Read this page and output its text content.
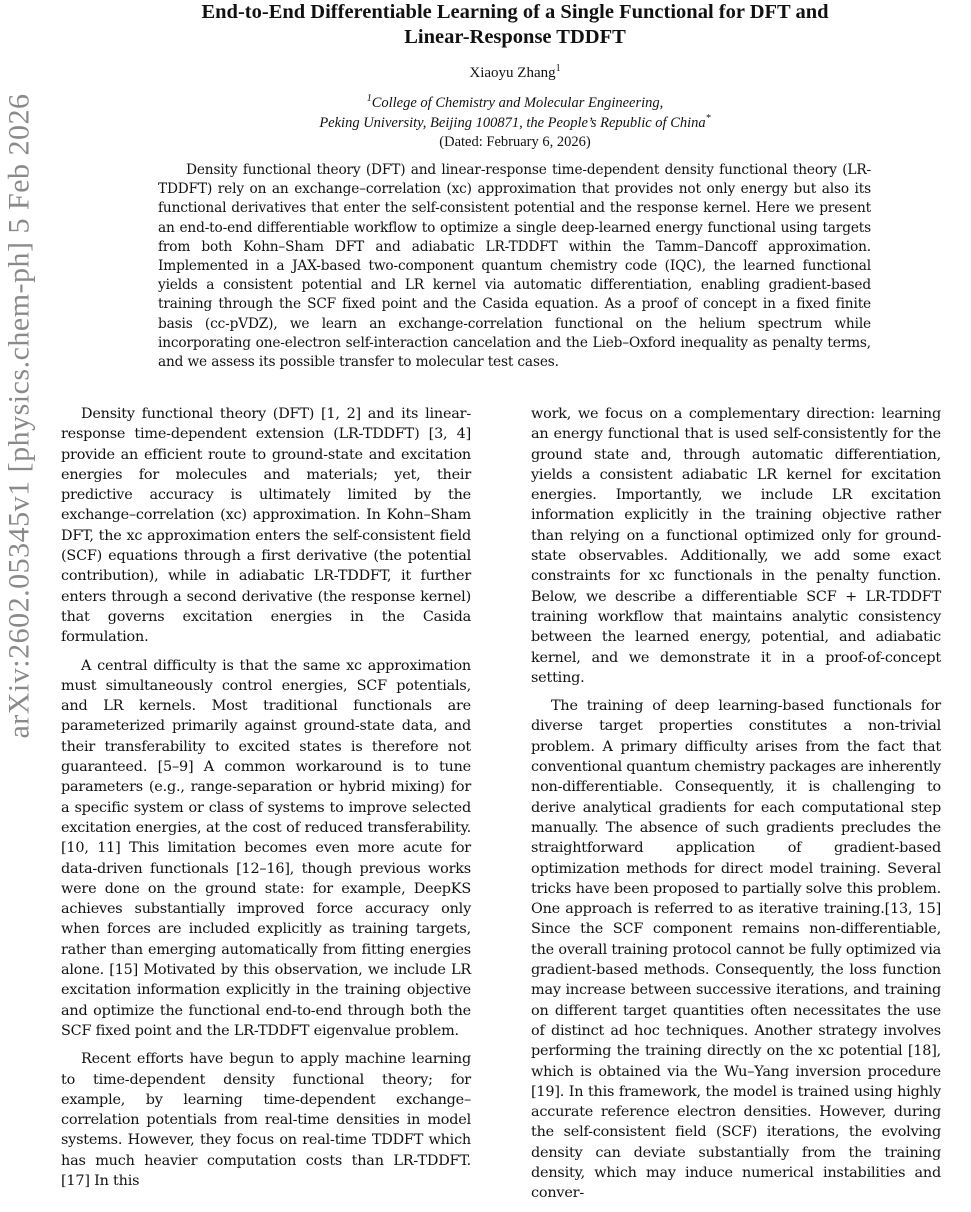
arXiv:2602.05345v1 [physics.chem-ph] 5 Feb 2026
End-to-End Differentiable Learning of a Single Functional for DFT and
Linear-Response TDDFT
Xiaoyu Zhang$^1$
$^1$College of Chemistry and Molecular Engineering,
Peking University, Beijing 100871, the People’s Republic of China*
(Dated: February 6, 2026)

Density functional theory (DFT) and linear-response time-dependent density functional theory (LR-TDDFT) rely on an exchange–correlation (xc) approximation that provides not only energy but also its functional derivatives that enter the self-consistent potential and the response kernel. Here we present an end-to-end differentiable workflow to optimize a single deep-learned energy functional using targets from both Kohn–Sham DFT and adiabatic LR-TDDFT within the Tamm–Dancoff approximation. Implemented in a JAX-based two-component quantum chemistry code (IQC), the learned functional yields a consistent potential and LR kernel via automatic differentiation, enabling gradient-based training through the SCF fixed point and the Casida equation. As a proof of concept in a fixed finite basis (cc-pVDZ), we learn an exchange-correlation functional on the helium spectrum while incorporating one-electron self-interaction cancelation and the Lieb–Oxford inequality as penalty terms, and we assess its possible transfer to molecular test cases.

Density functional theory (DFT) [1, 2] and its linear-response time-dependent extension (LR-TDDFT) [3, 4] provide an efficient route to ground-state and excitation energies for molecules and materials; yet, their predictive accuracy is ultimately limited by the exchange–correlation (xc) approximation. In Kohn–Sham DFT, the xc approximation enters the self-consistent field (SCF) equations through a first derivative (the potential contribution), while in adiabatic LR-TDDFT, it further enters through a second derivative (the response kernel) that governs excitation energies in the Casida formulation.

A central difficulty is that the same xc approximation must simultaneously control energies, SCF potentials, and LR kernels. Most traditional functionals are parameterized primarily against ground-state data, and their transferability to excited states is therefore not guaranteed. [5–9] A common workaround is to tune parameters (e.g., range-separation or hybrid mixing) for a specific system or class of systems to improve selected excitation energies, at the cost of reduced transferability. [10, 11] This limitation becomes even more acute for data-driven functionals [12–16], though previous works were done on the ground state: for example, DeepKS achieves substantially improved force accuracy only when forces are included explicitly as training targets, rather than emerging automatically from fitting energies alone. [15] Motivated by this observation, we include LR excitation information explicitly in the training objective and optimize the functional end-to-end through both the SCF fixed point and the LR-TDDFT eigenvalue problem.

Recent efforts have begun to apply machine learning to time-dependent density functional theory; for example, by learning time-dependent exchange–correlation potentials from real-time densities in model systems. However, they focus on real-time TDDFT which has much heavier computation costs than LR-TDDFT. [17] In this

work, we focus on a complementary direction: learning an energy functional that is used self-consistently for the ground state and, through automatic differentiation, yields a consistent adiabatic LR kernel for excitation energies. Importantly, we include LR excitation information explicitly in the training objective rather than relying on a functional optimized only for ground-state observables. Additionally, we add some exact constraints for xc functionals in the penalty function. Below, we describe a differentiable SCF + LR-TDDFT training workflow that maintains analytic consistency between the learned energy, potential, and adiabatic kernel, and we demonstrate it in a proof-of-concept setting.

The training of deep learning-based functionals for diverse target properties constitutes a non-trivial problem. A primary difficulty arises from the fact that conventional quantum chemistry packages are inherently non-differentiable. Consequently, it is challenging to derive analytical gradients for each computational step manually. The absence of such gradients precludes the straightforward application of gradient-based optimization methods for direct model training. Several tricks have been proposed to partially solve this problem. One approach is referred to as iterative training.[13, 15] Since the SCF component remains non-differentiable, the overall training protocol cannot be fully optimized via gradient-based methods. Consequently, the loss function may increase between successive iterations, and training on different target quantities often necessitates the use of distinct ad hoc techniques. Another strategy involves performing the training directly on the xc potential [18], which is obtained via the Wu–Yang inversion procedure [19]. In this framework, the model is trained using highly accurate reference electron densities. However, during the self-consistent field (SCF) iterations, the evolving density can deviate substantially from the training density, which may induce numerical instabilities and conver-
